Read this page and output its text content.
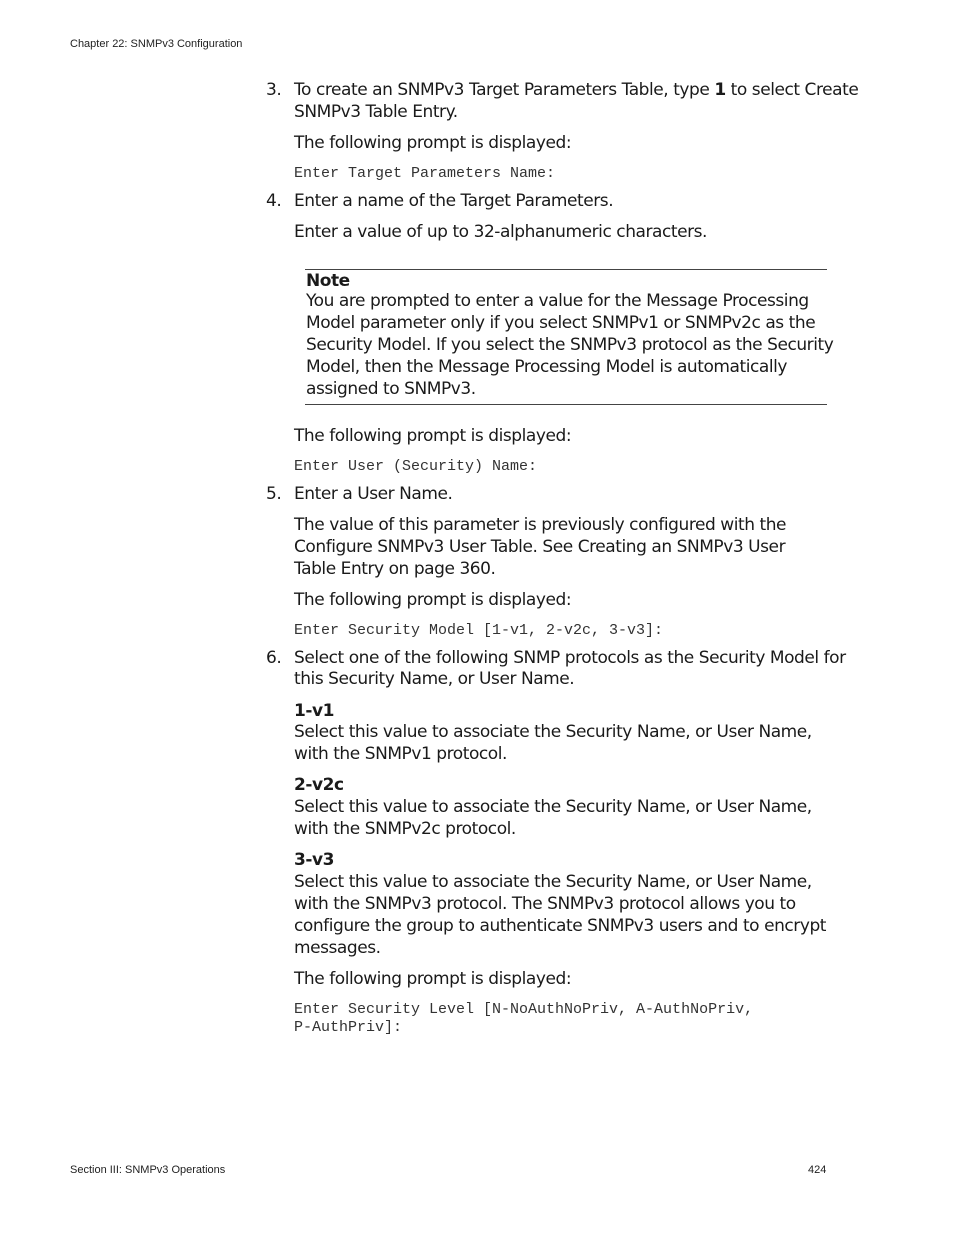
Chapter 22: SNMPv3 Configuration
3. To create an SNMPv3 Target Parameters Table, type 1 to select Create
SNMPv3 Table Entry.
The following prompt is displayed:
Enter Target Parameters Name:
4. Enter a name of the Target Parameters.
Enter a value of up to 32-alphanumeric characters.
Note
You are prompted to enter a value for the Message Processing
Model parameter only if you select SNMPv1 or SNMPv2c as the
Security Model. If you select the SNMPv3 protocol as the Security
Model, then the Message Processing Model is automatically
assigned to SNMPv3.
The following prompt is displayed:
Enter User (Security) Name:
5. Enter a User Name.
The value of this parameter is previously configured with the
Configure SNMPv3 User Table. See Creating an SNMPv3 User
Table Entry on page 360.
The following prompt is displayed:
Enter Security Model [1-v1, 2-v2c, 3-v3]:
6. Select one of the following SNMP protocols as the Security Model for
this Security Name, or User Name.
1-v1
Select this value to associate the Security Name, or User Name,
with the SNMPv1 protocol.
2-v2c
Select this value to associate the Security Name, or User Name,
with the SNMPv2c protocol.
3-v3
Select this value to associate the Security Name, or User Name,
with the SNMPv3 protocol. The SNMPv3 protocol allows you to
configure the group to authenticate SNMPv3 users and to encrypt
messages.
The following prompt is displayed:
Enter Security Level [N-NoAuthNoPriv, A-AuthNoPriv,
P-AuthPriv]:
Section III: SNMPv3 Operations	424
